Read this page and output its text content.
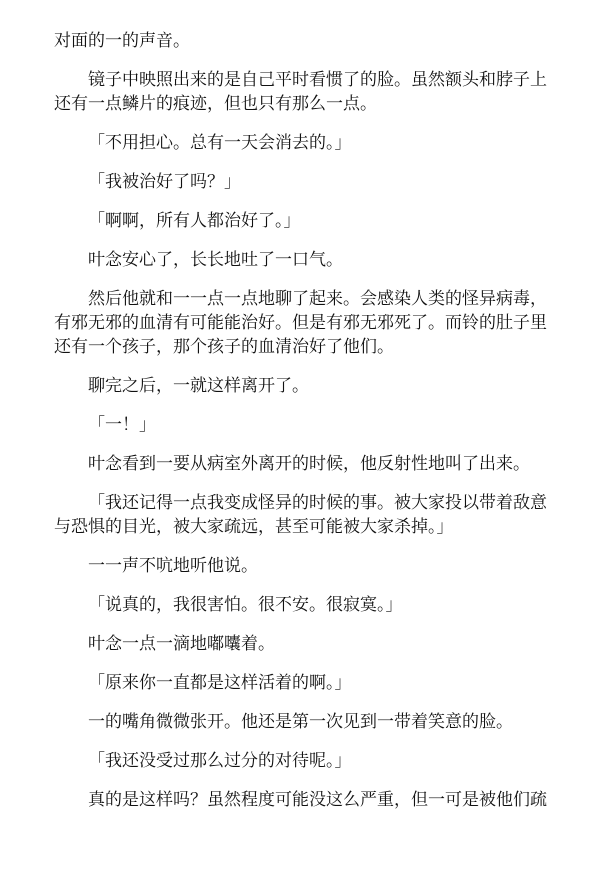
对面的一的声音。

镜子中映照出来的是自己平时看惯了的脸。虽然额头和脖子上还有一点鳞片的痕迹，但也只有那么一点。

「不用担心。总有一天会消去的。」

「我被治好了吗？」

「啊啊，所有人都治好了。」

叶念安心了，长长地吐了一口气。

然后他就和一一点一点地聊了起来。会感染人类的怪异病毒，有邪无邪的血清有可能能治好。但是有邪无邪死了。而铃的肚子里还有一个孩子，那个孩子的血清治好了他们。

聊完之后，一就这样离开了。

「一！」

叶念看到一要从病室外离开的时候，他反射性地叫了出来。

「我还记得一点我变成怪异的时候的事。被大家投以带着敌意与恐惧的目光，被大家疏远，甚至可能被大家杀掉。」

一一声不吭地听他说。

「说真的，我很害怕。很不安。很寂寞。」

叶念一点一滴地嘟囔着。

「原来你一直都是这样活着的啊。」

一的嘴角微微张开。他还是第一次见到一带着笑意的脸。

「我还没受过那么过分的对待呢。」

真的是这样吗？虽然程度可能没这么严重，但一可是被他们疏
